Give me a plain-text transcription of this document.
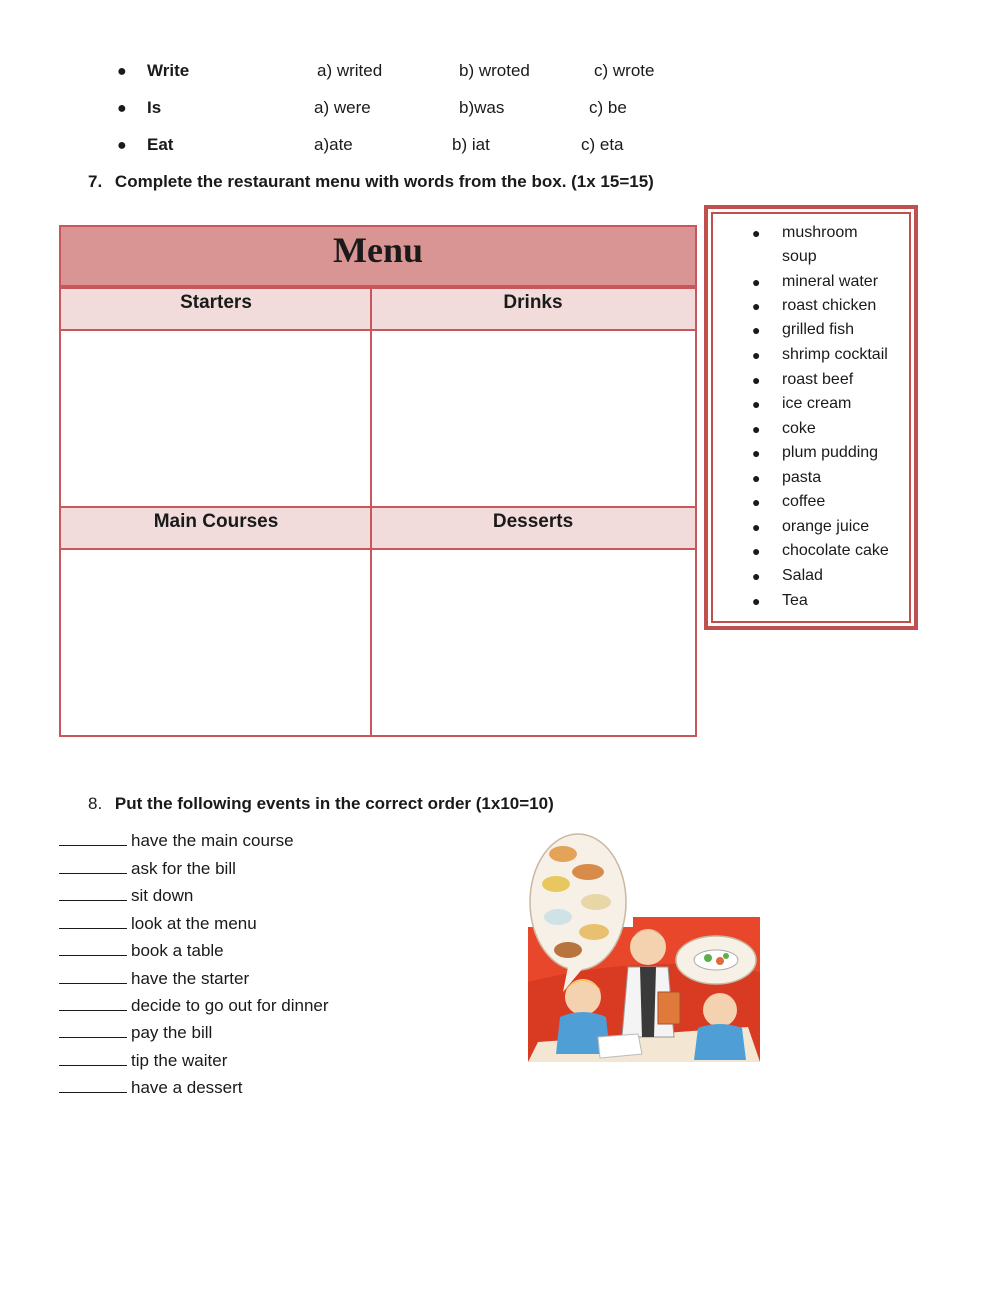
● Write	a) writed	b) wroted	c) wrote
● Is	a) were	b)was	c) be
● Eat	a)ate	b) iat	c) eta
7. Complete the restaurant menu with words from the box. (1x 15=15)
Menu
Starters	Drinks
Main Courses	Desserts
● mushroom
soup
● mineral water
● roast chicken
● grilled fish
● shrimp cocktail
● roast beef
● ice cream
● coke
● plum pudding
● pasta
● coffee
● orange juice
● chocolate cake
● Salad
● Tea
8. Put the following events in the correct order (1x10=10)
have the main course
ask for the bill
sit down
look at the menu
book a table
have the starter
decide to go out for dinner
pay the bill
tip the waiter
have a dessert
